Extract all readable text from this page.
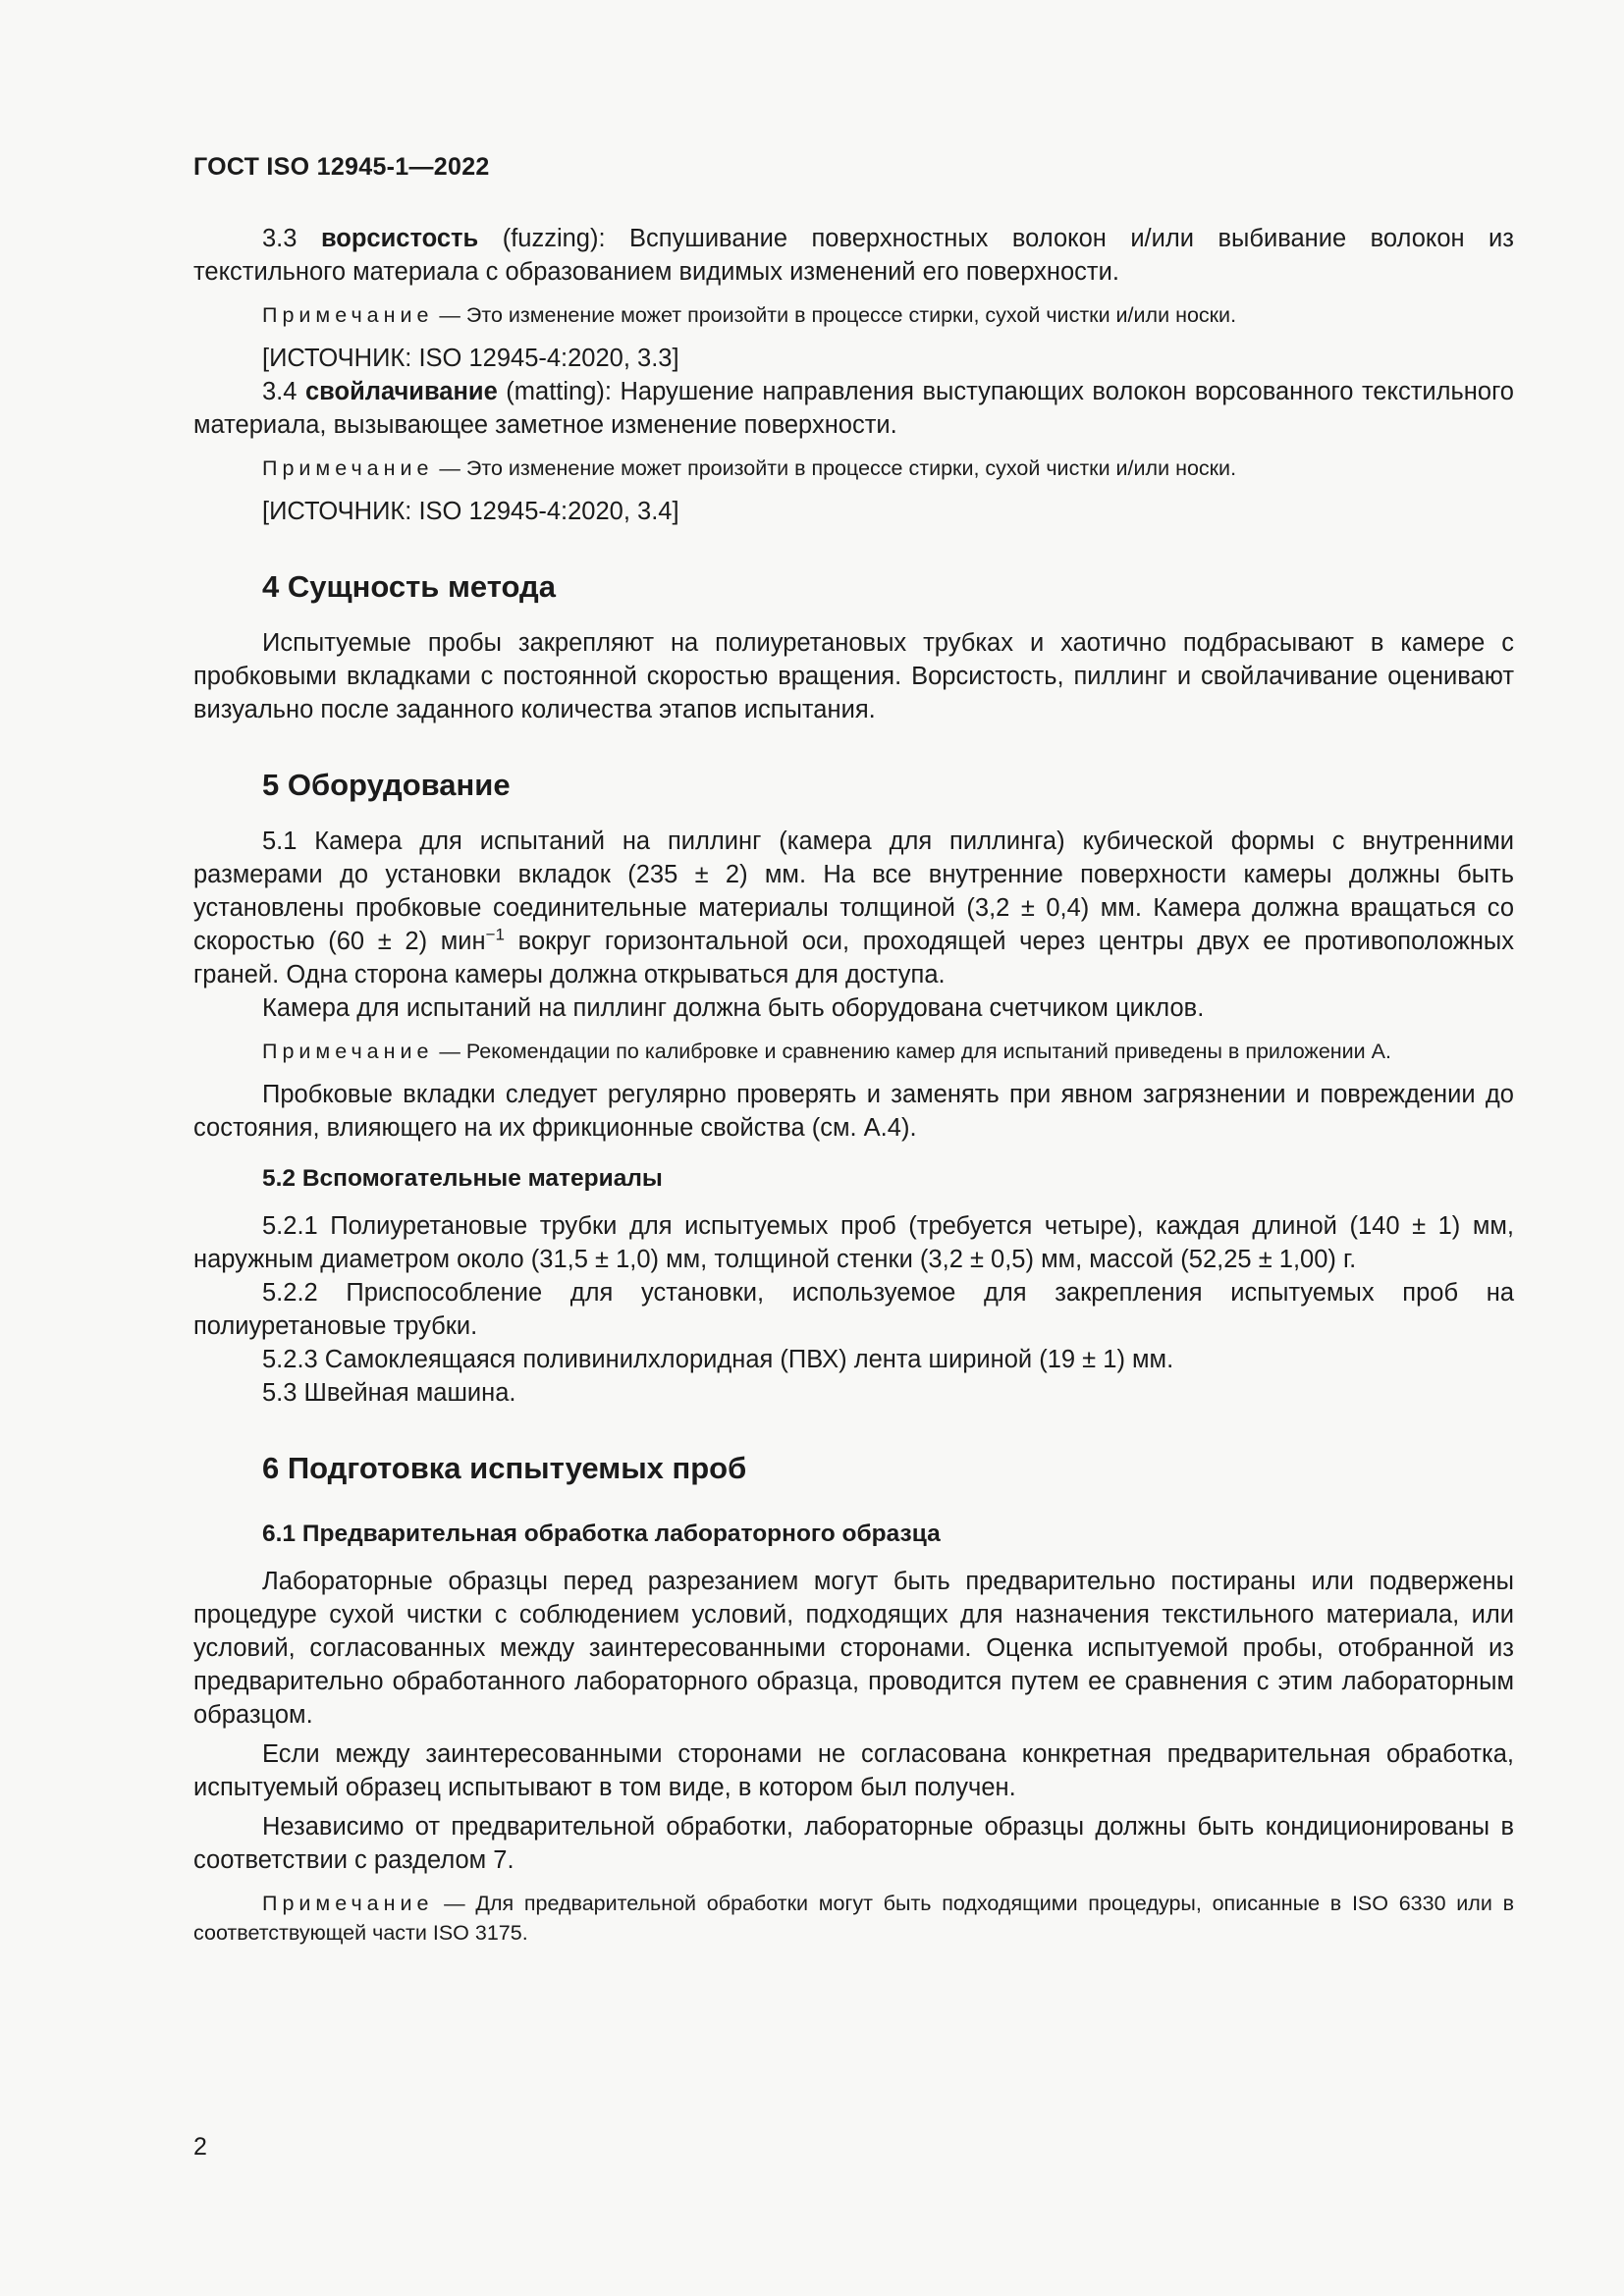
ГОСТ ISO 12945-1—2022

3.3 ворсистость (fuzzing): Вспушивание поверхностных волокон и/или выбивание волокон из текстильного материала с образованием видимых изменений его поверхности.

Примечание — Это изменение может произойти в процессе стирки, сухой чистки и/или носки.

[ИСТОЧНИК: ISO 12945-4:2020, 3.3]

3.4 свойлачивание (matting): Нарушение направления выступающих волокон ворсованного текстильного материала, вызывающее заметное изменение поверхности.

Примечание — Это изменение может произойти в процессе стирки, сухой чистки и/или носки.

[ИСТОЧНИК: ISO 12945-4:2020, 3.4]

4 Сущность метода

Испытуемые пробы закрепляют на полиуретановых трубках и хаотично подбрасывают в камере с пробковыми вкладками с постоянной скоростью вращения. Ворсистость, пиллинг и свойлачивание оценивают визуально после заданного количества этапов испытания.

5 Оборудование

5.1 Камера для испытаний на пиллинг (камера для пиллинга) кубической формы с внутренними размерами до установки вкладок (235 ± 2) мм. На все внутренние поверхности камеры должны быть установлены пробковые соединительные материалы толщиной (3,2 ± 0,4) мм. Камера должна вращаться со скоростью (60 ± 2) мин$^{-1}$ вокруг горизонтальной оси, проходящей через центры двух ее противоположных граней. Одна сторона камеры должна открываться для доступа.

Камера для испытаний на пиллинг должна быть оборудована счетчиком циклов.

Примечание — Рекомендации по калибровке и сравнению камер для испытаний приведены в приложении А.

Пробковые вкладки следует регулярно проверять и заменять при явном загрязнении и повреждении до состояния, влияющего на их фрикционные свойства (см. А.4).

5.2 Вспомогательные материалы

5.2.1 Полиуретановые трубки для испытуемых проб (требуется четыре), каждая длиной (140 ± 1) мм, наружным диаметром около (31,5 ± 1,0) мм, толщиной стенки (3,2 ± 0,5) мм, массой (52,25 ± 1,00) г.

5.2.2 Приспособление для установки, используемое для закрепления испытуемых проб на полиуретановые трубки.

5.2.3 Самоклеящаяся поливинилхлоридная (ПВХ) лента шириной (19 ± 1) мм.

5.3 Швейная машина.

6 Подготовка испытуемых проб
6.1 Предварительная обработка лабораторного образца

Лабораторные образцы перед разрезанием могут быть предварительно постираны или подвержены процедуре сухой чистки с соблюдением условий, подходящих для назначения текстильного материала, или условий, согласованных между заинтересованными сторонами. Оценка испытуемой пробы, отобранной из предварительно обработанного лабораторного образца, проводится путем ее сравнения с этим лабораторным образцом.

Если между заинтересованными сторонами не согласована конкретная предварительная обработка, испытуемый образец испытывают в том виде, в котором был получен.

Независимо от предварительной обработки, лабораторные образцы должны быть кондиционированы в соответствии с разделом 7.

Примечание — Для предварительной обработки могут быть подходящими процедуры, описанные в ISO 6330 или в соответствующей части ISO 3175.

2
